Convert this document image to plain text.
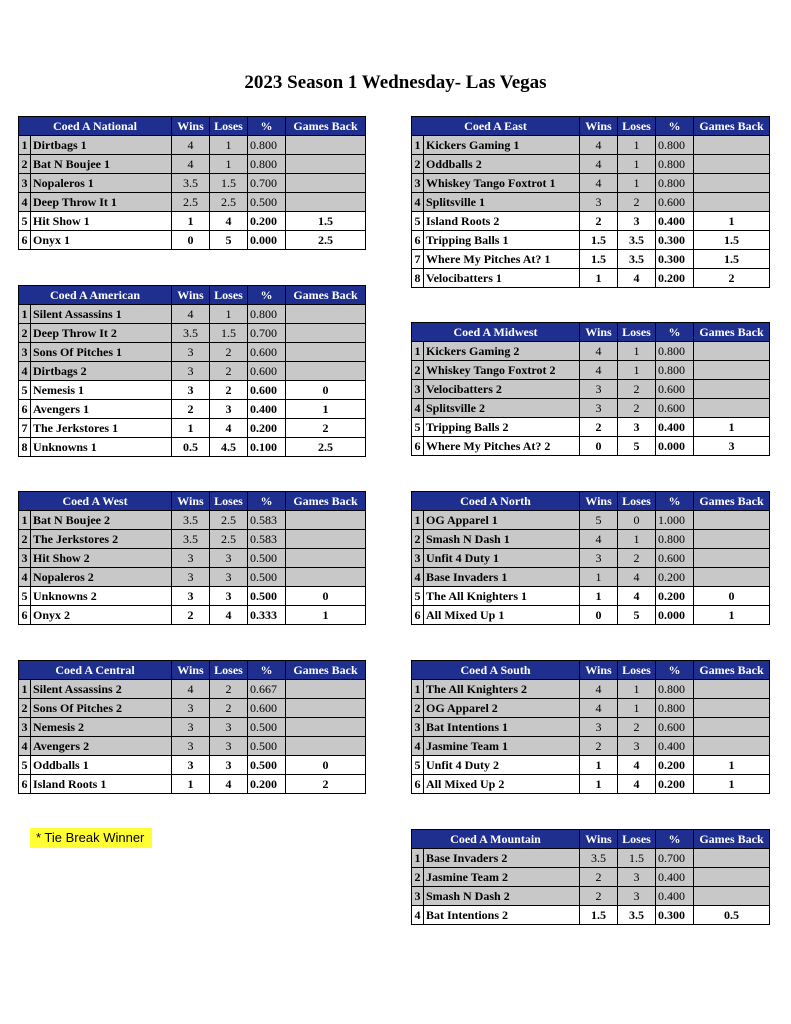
2023 Season 1 Wednesday- Las Vegas
Coed A National		Wins	Loses	%	Games Back
1	Dirtbags 1	4	1	0.800	
2	Bat N Boujee 1	4	1	0.800	
3	Nopaleros 1	3.5	1.5	0.700	
4	Deep Throw It 1	2.5	2.5	0.500	
5	Hit Show 1	1	4	0.200	1.5
6	Onyx 1	0	5	0.000	2.5
Coed A East		Wins	Loses	%	Games Back
1	Kickers Gaming 1	4	1	0.800	
2	Oddballs 2	4	1	0.800	
3	Whiskey Tango Foxtrot 1	4	1	0.800	
4	Splitsville 1	3	2	0.600	
5	Island Roots 2	2	3	0.400	1
6	Tripping Balls 1	1.5	3.5	0.300	1.5
7	Where My Pitches At? 1	1.5	3.5	0.300	1.5
8	Velocibatters 1	1	4	0.200	2
Coed A American		Wins	Loses	%	Games Back
1	Silent Assassins 1	4	1	0.800	
2	Deep Throw It 2	3.5	1.5	0.700	
3	Sons Of Pitches 1	3	2	0.600	
4	Dirtbags 2	3	2	0.600	
5	Nemesis 1	3	2	0.600	0
6	Avengers 1	2	3	0.400	1
7	The Jerkstores 1	1	4	0.200	2
8	Unknowns 1	0.5	4.5	0.100	2.5
Coed A Midwest		Wins	Loses	%	Games Back
1	Kickers Gaming 2	4	1	0.800	
2	Whiskey Tango Foxtrot 2	4	1	0.800	
3	Velocibatters 2	3	2	0.600	
4	Splitsville 2	3	2	0.600	
5	Tripping Balls 2	2	3	0.400	1
6	Where My Pitches At? 2	0	5	0.000	3
Coed A West		Wins	Loses	%	Games Back
1	Bat N Boujee 2	3.5	2.5	0.583	
2	The Jerkstores 2	3.5	2.5	0.583	
3	Hit Show 2	3	3	0.500	
4	Nopaleros 2	3	3	0.500	
5	Unknowns 2	3	3	0.500	0
6	Onyx 2	2	4	0.333	1
Coed A North		Wins	Loses	%	Games Back
1	OG Apparel 1	5	0	1.000	
2	Smash N Dash 1	4	1	0.800	
3	Unfit 4 Duty 1	3	2	0.600	
4	Base Invaders 1	1	4	0.200	
5	The All Knighters 1	1	4	0.200	0
6	All Mixed Up 1	0	5	0.000	1
Coed A Central		Wins	Loses	%	Games Back
1	Silent Assassins 2	4	2	0.667	
2	Sons Of Pitches 2	3	2	0.600	
3	Nemesis 2	3	3	0.500	
4	Avengers 2	3	3	0.500	
5	Oddballs 1	3	3	0.500	0
6	Island Roots 1	1	4	0.200	2
Coed A South		Wins	Loses	%	Games Back
1	The All Knighters 2	4	1	0.800	
2	OG Apparel 2	4	1	0.800	
3	Bat Intentions 1	3	2	0.600	
4	Jasmine Team 1	2	3	0.400	
5	Unfit 4 Duty 2	1	4	0.200	1
6	All Mixed Up 2	1	4	0.200	1
Coed A Mountain		Wins	Loses	%	Games Back
1	Base Invaders 2	3.5	1.5	0.700	
2	Jasmine Team 2	2	3	0.400	
3	Smash N Dash 2	2	3	0.400	
4	Bat Intentions 2	1.5	3.5	0.300	0.5
* Tie Break Winner
